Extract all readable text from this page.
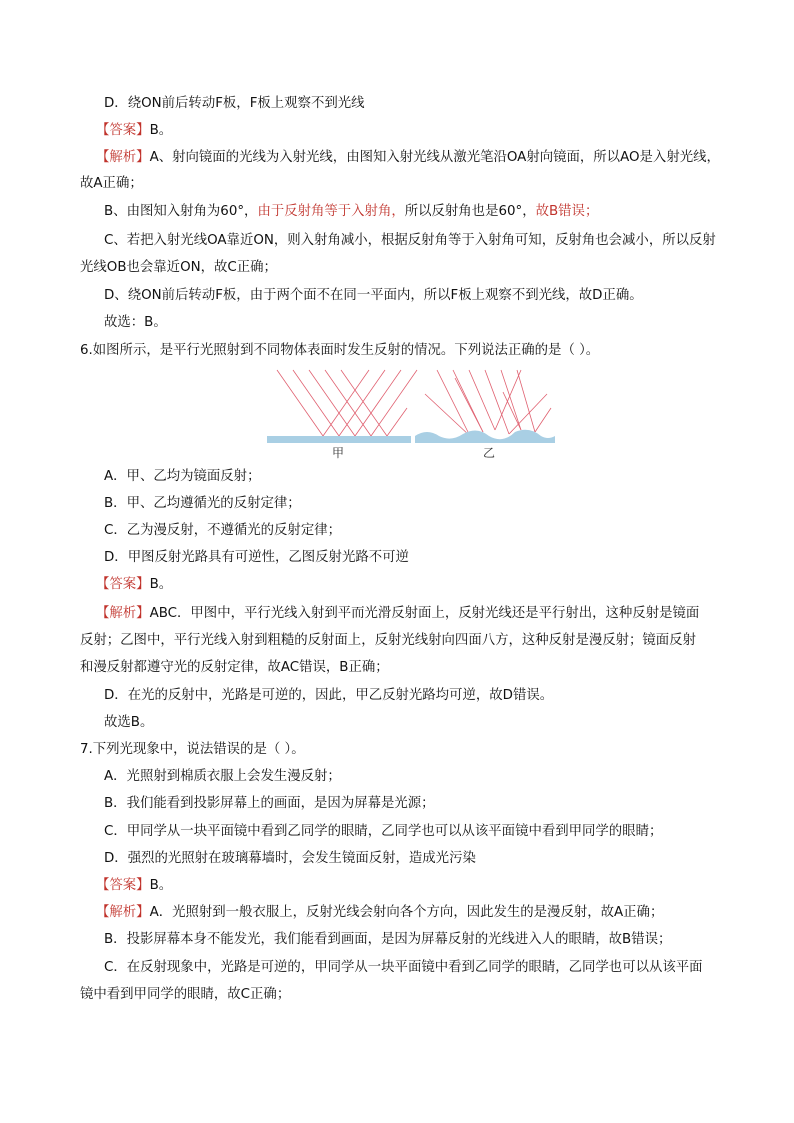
D．绕ON前后转动F板，F板上观察不到光线
【答案】B。
【解析】A、射向镜面的光线为入射光线，由图知入射光线从激光笔沿OA射向镜面，所以AO是入射光线，
故A正确；
B、由图知入射角为60°，由于反射角等于入射角，所以反射角也是60°，故B错误；
C、若把入射光线OA靠近ON，则入射角减小，根据反射角等于入射角可知，反射角也会减小，所以反射
光线OB也会靠近ON，故C正确；
D、绕ON前后转动F板，由于两个面不在同一平面内，所以F板上观察不到光线，故D正确。
故选：B。
6.如图所示，是平行光照射到不同物体表面时发生反射的情况。下列说法正确的是（ ）。
甲	乙
A．甲、乙均为镜面反射；
B．甲、乙均遵循光的反射定律；
C．乙为漫反射，不遵循光的反射定律；
D．甲图反射光路具有可逆性，乙图反射光路不可逆
【答案】B。
【解析】ABC．甲图中，平行光线入射到平而光滑反射面上，反射光线还是平行射出，这种反射是镜面
反射；乙图中，平行光线入射到粗糙的反射面上，反射光线射向四面八方，这种反射是漫反射；镜面反射
和漫反射都遵守光的反射定律，故AC错误，B正确；
D．在光的反射中，光路是可逆的，因此，甲乙反射光路均可逆，故D错误。
故选B。
7.下列光现象中，说法错误的是（ ）。
A．光照射到棉质衣服上会发生漫反射；
B．我们能看到投影屏幕上的画面，是因为屏幕是光源；
C．甲同学从一块平面镜中看到乙同学的眼睛，乙同学也可以从该平面镜中看到甲同学的眼睛；
D．强烈的光照射在玻璃幕墙时，会发生镜面反射，造成光污染
【答案】B。
【解析】A．光照射到一般衣服上，反射光线会射向各个方向，因此发生的是漫反射，故A正确；
B．投影屏幕本身不能发光，我们能看到画面，是因为屏幕反射的光线进入人的眼睛，故B错误；
C．在反射现象中，光路是可逆的，甲同学从一块平面镜中看到乙同学的眼睛，乙同学也可以从该平面
镜中看到甲同学的眼睛，故C正确；
